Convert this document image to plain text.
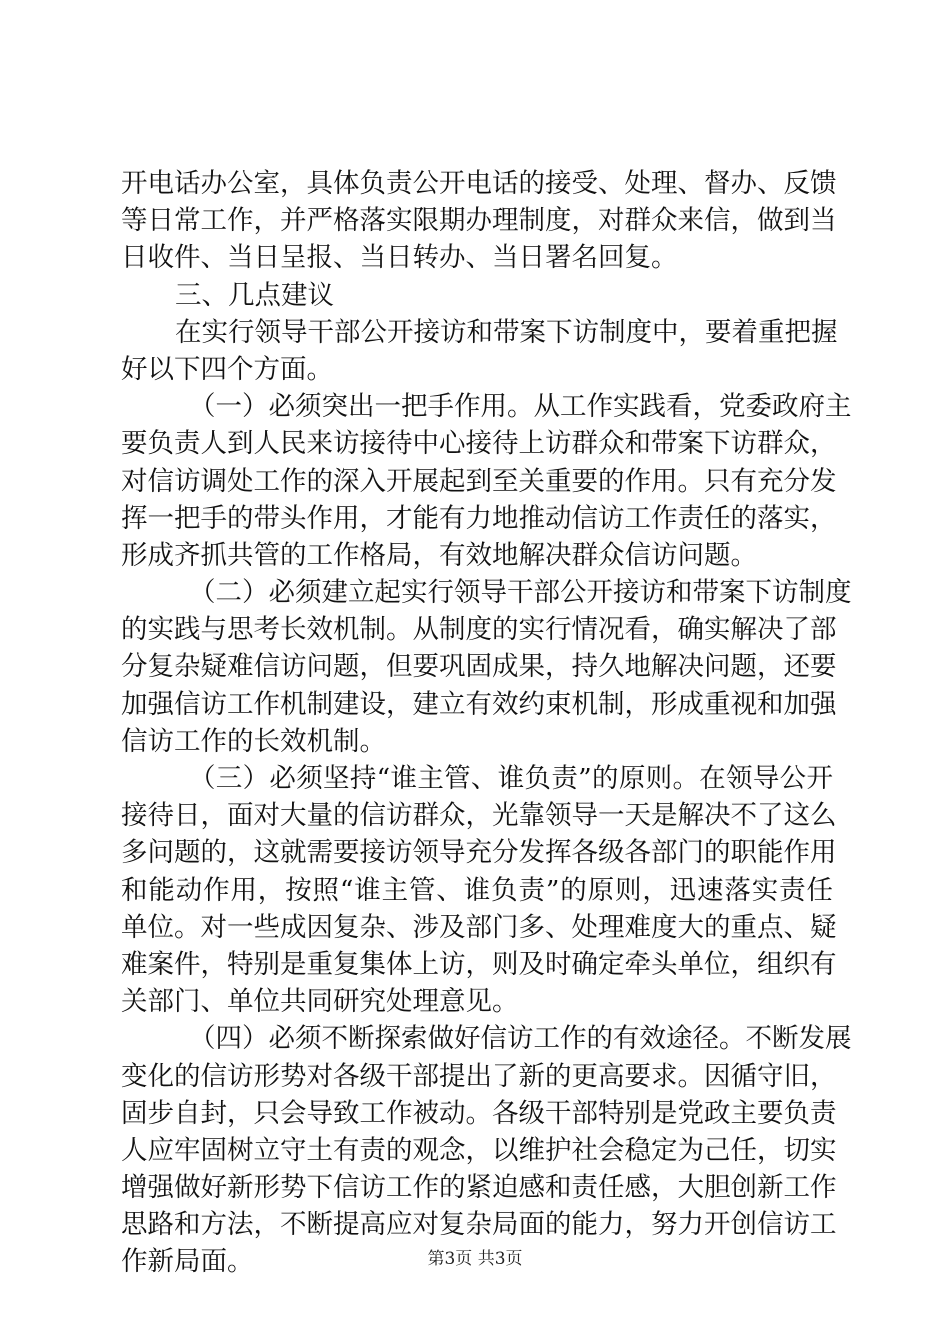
开电话办公室，具体负责公开电话的接受、处理、督办、反馈
等日常工作，并严格落实限期办理制度，对群众来信，做到当
日收件、当日呈报、当日转办、当日署名回复。
三、几点建议
在实行领导干部公开接访和带案下访制度中，要着重把握
好以下四个方面。
（一）必须突出一把手作用。从工作实践看，党委政府主
要负责人到人民来访接待中心接待上访群众和带案下访群众，
对信访调处工作的深入开展起到至关重要的作用。只有充分发
挥一把手的带头作用，才能有力地推动信访工作责任的落实，
形成齐抓共管的工作格局，有效地解决群众信访问题。
（二）必须建立起实行领导干部公开接访和带案下访制度
的实践与思考长效机制。从制度的实行情况看，确实解决了部
分复杂疑难信访问题，但要巩固成果，持久地解决问题，还要
加强信访工作机制建设，建立有效约束机制，形成重视和加强
信访工作的长效机制。
（三）必须坚持“谁主管、谁负责”的原则。在领导公开
接待日，面对大量的信访群众，光靠领导一天是解决不了这么
多问题的，这就需要接访领导充分发挥各级各部门的职能作用
和能动作用，按照“谁主管、谁负责”的原则，迅速落实责任
单位。对一些成因复杂、涉及部门多、处理难度大的重点、疑
难案件，特别是重复集体上访，则及时确定牵头单位，组织有
关部门、单位共同研究处理意见。
（四）必须不断探索做好信访工作的有效途径。不断发展
变化的信访形势对各级干部提出了新的更高要求。因循守旧，
固步自封，只会导致工作被动。各级干部特别是党政主要负责
人应牢固树立守土有责的观念，以维护社会稳定为己任，切实
增强做好新形势下信访工作的紧迫感和责任感，大胆创新工作
思路和方法，不断提高应对复杂局面的能力，努力开创信访工
作新局面。	第3页 共3页
